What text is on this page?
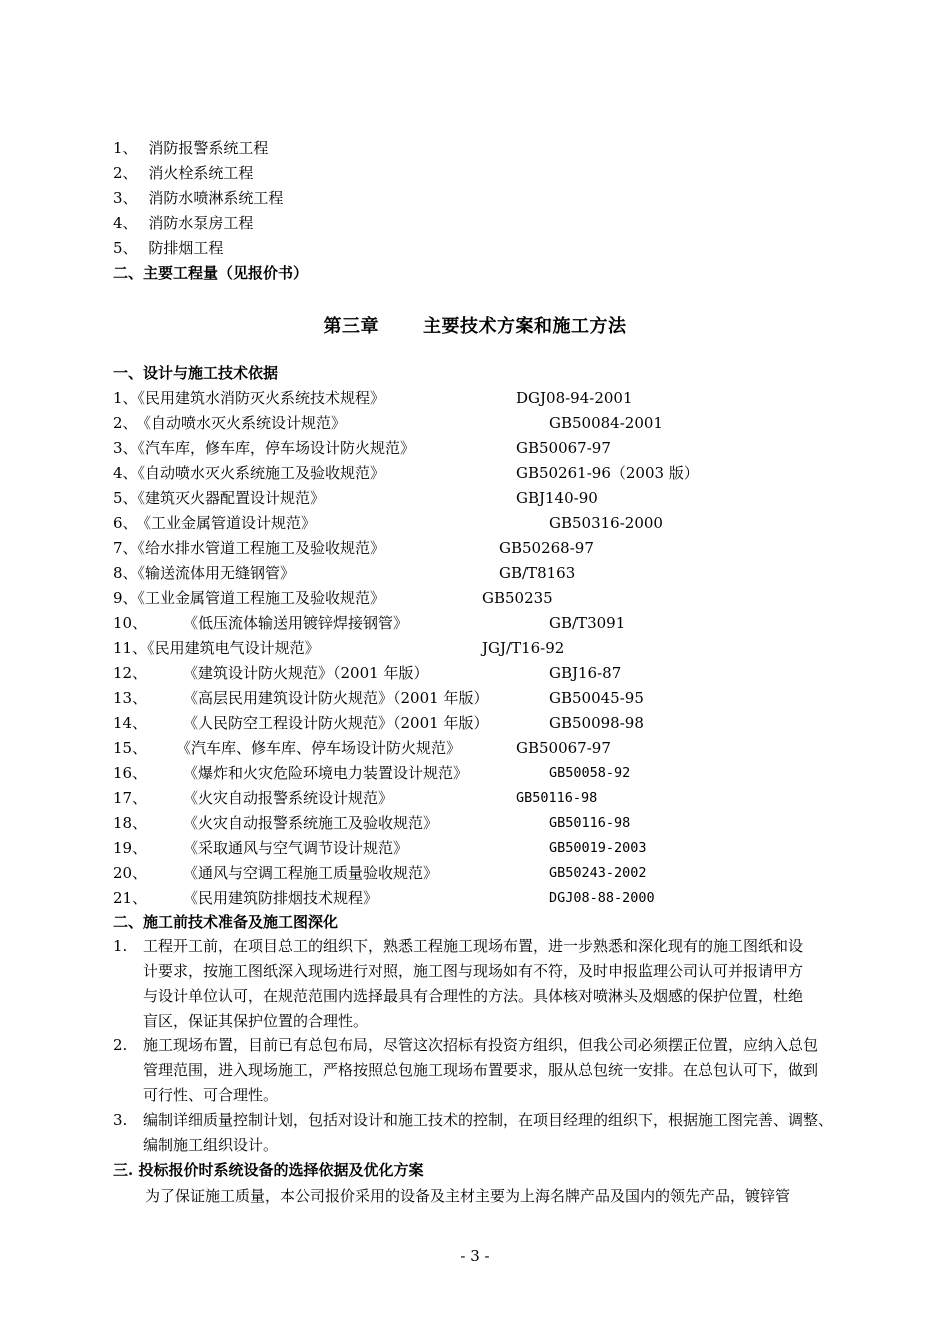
1、 消防报警系统工程
2、 消火栓系统工程
3、 消防水喷淋系统工程
4、 消防水泵房工程
5、 防排烟工程
二、主要工程量（见报价书）
第三章 主要技术方案和施工方法
一、设计与施工技术依据
1、《民用建筑水消防灭火系统技术规程》	DGJ08-94-2001
2、 《自动喷水灭火系统设计规范》	GB50084-2001
3、《汽车库，修车库，停车场设计防火规范》	GB50067-97
4、《自动喷水灭火系统施工及验收规范》	GB50261-96（2003 版）
5、《建筑灭火器配置设计规范》	GBJ140-90
6、 《工业金属管道设计规范》	GB50316-2000
7、《给水排水管道工程施工及验收规范》	GB50268-97
8、《输送流体用无缝钢管》	GB/T8163
9、《工业金属管道工程施工及验收规范》	GB50235
10、 《低压流体输送用镀锌焊接钢管》	GB/T3091
11、《民用建筑电气设计规范》	JGJ/T16-92
12、 《建筑设计防火规范》（2001 年版）	GBJ16-87
13、 《高层民用建筑设计防火规范》（2001 年版）	GB50045-95
14、 《人民防空工程设计防火规范》（2001 年版）	GB50098-98
15、 《汽车库、修车库、停车场设计防火规范》	GB50067-97
16、 《爆炸和火灾危险环境电力装置设计规范》	GB50058-92
17、 《火灾自动报警系统设计规范》	GB50116-98
18、 《火灾自动报警系统施工及验收规范》	GB50116-98
19、 《采取通风与空气调节设计规范》	GB50019-2003
20、 《通风与空调工程施工质量验收规范》	GB50243-2002
21、 《民用建筑防排烟技术规程》	DGJ08-88-2000
二、施工前技术准备及施工图深化
1. 工程开工前，在项目总工的组织下，熟悉工程施工现场布置，进一步熟悉和深化现有的施工图纸和设
计要求，按施工图纸深入现场进行对照，施工图与现场如有不符，及时申报监理公司认可并报请甲方
与设计单位认可，在规范范围内选择最具有合理性的方法。具体核对喷淋头及烟感的保护位置，杜绝
盲区，保证其保护位置的合理性。
2. 施工现场布置，目前已有总包布局，尽管这次招标有投资方组织，但我公司必须摆正位置，应纳入总包
管理范围，进入现场施工，严格按照总包施工现场布置要求，服从总包统一安排。在总包认可下，做到
可行性、可合理性。
3. 编制详细质量控制计划，包括对设计和施工技术的控制，在项目经理的组织下，根据施工图完善、调整、
编制施工组织设计。
三. 投标报价时系统设备的选择依据及优化方案
为了保证施工质量，本公司报价采用的设备及主材主要为上海名牌产品及国内的领先产品，镀锌管
- 3 -
